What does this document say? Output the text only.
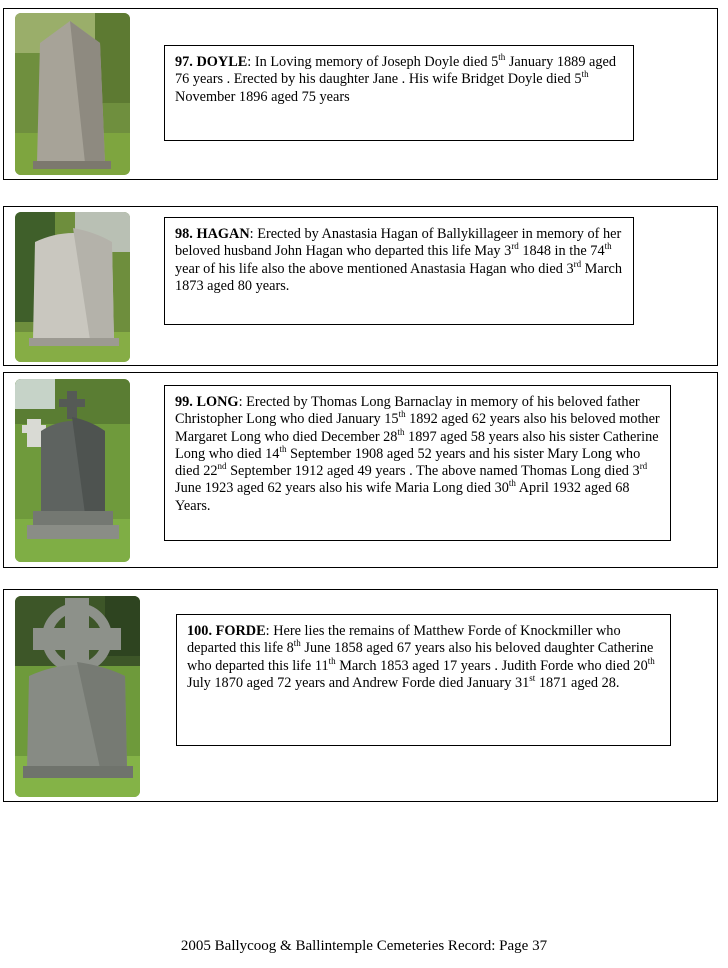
97. DOYLE: In Loving memory of Joseph Doyle died 5th January 1889 aged 76 years . Erected by his daughter Jane . His wife Bridget Doyle died 5th November 1896 aged 75 years
98. HAGAN: Erected by Anastasia Hagan of Ballykillageer in memory of her beloved husband John Hagan who departed this life May 3rd 1848 in the 74th year of his life also the above mentioned Anastasia Hagan who died 3rd March 1873 aged 80 years.
99. LONG: Erected by Thomas Long Barnaclay in memory of his beloved father Christopher Long who died January 15th 1892 aged 62 years also his beloved mother Margaret Long who died December 28th 1897 aged 58 years also his sister Catherine Long who died 14th September 1908 aged 52 years and his sister Mary Long who died 22nd September 1912 aged 49 years . The above named Thomas Long died 3rd June 1923 aged 62 years also his wife Maria Long died 30th April 1932 aged 68 Years.
100. FORDE: Here lies the remains of Matthew Forde of Knockmiller who departed this life 8th June 1858 aged 67 years also his beloved daughter Catherine who departed this life 11th March 1853 aged 17 years . Judith Forde who died 20th July 1870 aged 72 years and Andrew Forde died January 31st 1871 aged 28.
2005 Ballycoog & Ballintemple Cemeteries Record: Page 37
